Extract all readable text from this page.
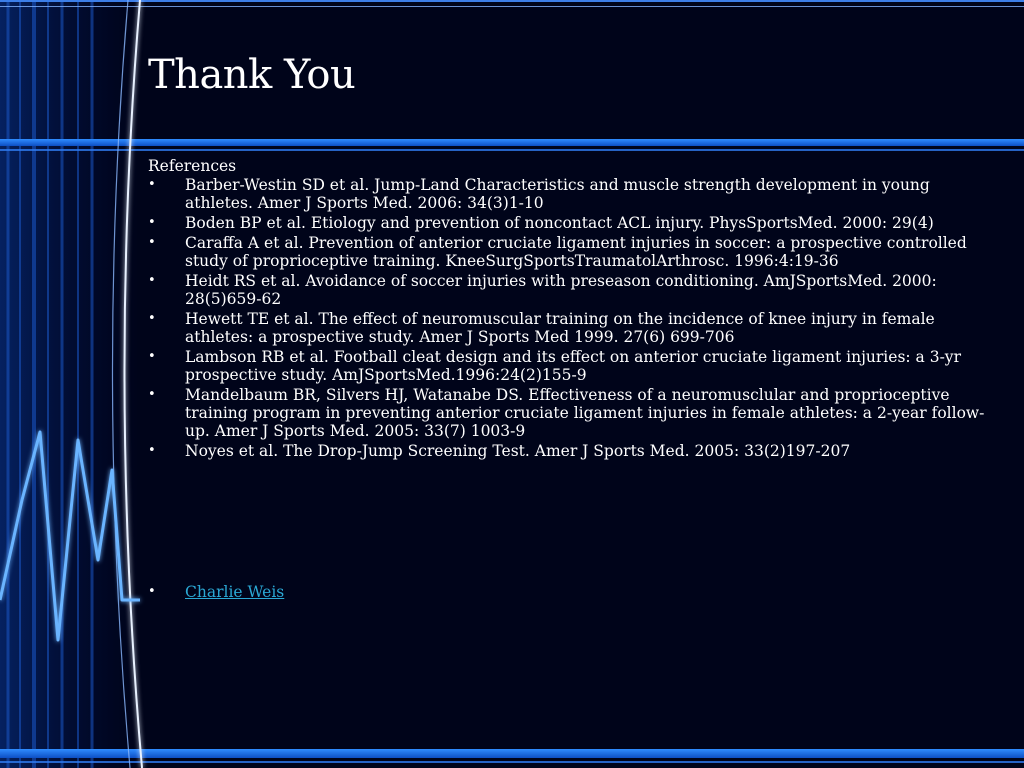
Thank You
References
• Barber-Westin SD et al. Jump-Land Characteristics and muscle strength development in young athletes. Amer J Sports Med. 2006: 34(3)1-10
• Boden BP et al. Etiology and prevention of noncontact ACL injury. PhysSportsMed. 2000: 29(4)
• Caraffa A et al. Prevention of anterior cruciate ligament injuries in soccer: a prospective controlled study of proprioceptive training. KneeSurgSportsTraumatolArthrosc. 1996:4:19-36
• Heidt RS et al. Avoidance of soccer injuries with preseason conditioning. AmJSportsMed. 2000: 28(5)659-62
• Hewett TE et al. The effect of neuromuscular training on the incidence of knee injury in female athletes: a prospective study. Amer J Sports Med 1999. 27(6) 699-706
• Lambson RB et al. Football cleat design and its effect on anterior cruciate ligament injuries: a 3-yr prospective study. AmJSportsMed.1996:24(2)155-9
• Mandelbaum BR, Silvers HJ, Watanabe DS. Effectiveness of a neuromusclular and proprioceptive training program in preventing anterior cruciate ligament injuries in female athletes: a 2-year follow-up. Amer J Sports Med. 2005: 33(7) 1003-9
• Noyes et al. The Drop-Jump Screening Test. Amer J Sports Med. 2005: 33(2)197-207
• Charlie Weis
